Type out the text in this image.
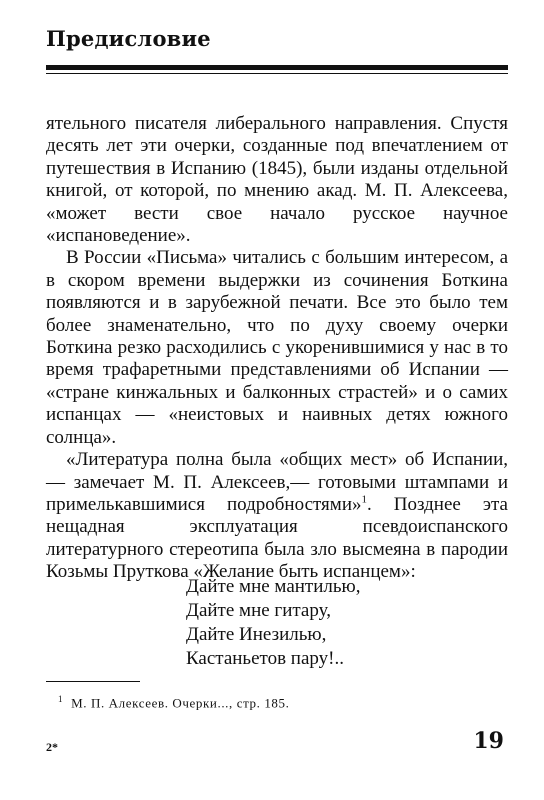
Предисловие

ятельного писателя либерального направления. Спустя десять лет эти очерки, созданные под впечатлением от путешествия в Испанию (1845), были изданы отдельной книгой, от которой, по мнению акад. М. П. Алексеева, «может вести свое начало русское научное «испановедение».

В России «Письма» читались с большим интересом, а в скором времени выдержки из сочинения Боткина появляются и в зарубежной печати. Все это было тем более знаменательно, что по духу своему очерки Боткина резко расходились с укоренившимися у нас в то время трафаретными представлениями об Испании — «стране кинжальных и балконных страстей» и о самих испанцах — «неистовых и наивных детях южного солнца».

«Литература полна была «общих мест» об Испании,— замечает М. П. Алексеев,— готовыми штампами и примелькавшимися подробностями»$^1$. Позднее эта нещадная эксплуатация псевдоиспанского литературного стереотипа была зло высмеяна в пародии Козьмы Пруткова «Желание быть испанцем»:

Дайте мне мантилью,
Дайте мне гитару,
Дайте Инезилью,
Кастаньетов пару!..
$^1$ М. П. Алексеев. Очерки..., стр. 185.
2*	19
